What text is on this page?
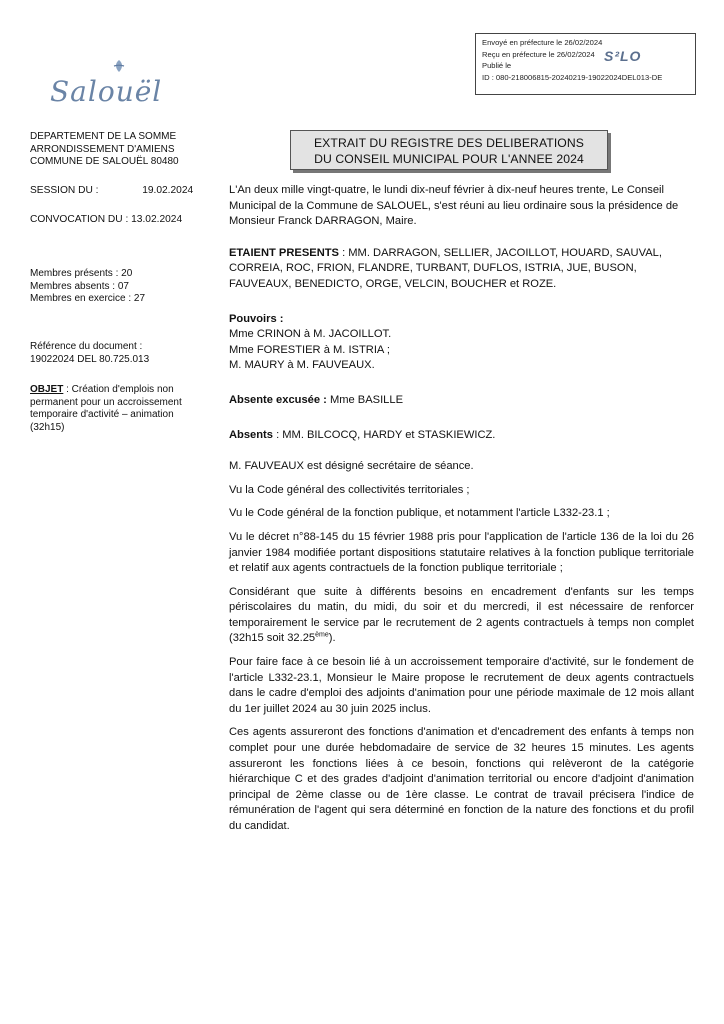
Envoyé en préfecture le 26/02/2024
Reçu en préfecture le 26/02/2024
Publié le
ID : 080-218006815-20240219-19022024DEL013-DE
S²LO
Salouël
EXTRAIT DU REGISTRE DES DELIBERATIONS
DU CONSEIL MUNICIPAL POUR L'ANNEE 2024
DEPARTEMENT DE LA SOMME
ARRONDISSEMENT D'AMIENS
COMMUNE DE SALOUËL 80480
SESSION DU :	19.02.2024
CONVOCATION DU : 13.02.2024
Membres présents : 20
Membres absents : 07
Membres en exercice : 27
Référence du document :
19022024 DEL 80.725.013
OBJET : Création d'emplois non permanent pour un accroissement temporaire d'activité – animation (32h15)

L'An deux mille vingt-quatre, le lundi dix-neuf février à dix-neuf heures trente, Le Conseil Municipal de la Commune de SALOUEL, s'est réuni au lieu ordinaire sous la présidence de Monsieur Franck DARRAGON, Maire.

ETAIENT PRESENTS : MM. DARRAGON, SELLIER, JACOILLOT, HOUARD, SAUVAL, CORREIA, ROC, FRION, FLANDRE, TURBANT, DUFLOS, ISTRIA, JUE, BUSON, FAUVEAUX, BENEDICTO, ORGE, VELCIN, BOUCHER et ROZE.

Pouvoirs :

Mme CRINON à M. JACOILLOT.

Mme FORESTIER à M. ISTRIA ;

M. MAURY à M. FAUVEAUX.

Absente excusée : Mme BASILLE

Absents : MM. BILCOCQ, HARDY et STASKIEWICZ.

M. FAUVEAUX est désigné secrétaire de séance.

Vu la Code général des collectivités territoriales ;

Vu le Code général de la fonction publique, et notamment l'article L332-23.1 ;

Vu le décret n°88-145 du 15 février 1988 pris pour l'application de l'article 136 de la loi du 26 janvier 1984 modifiée portant dispositions statutaire relatives à la fonction publique territoriale et relatif aux agents contractuels de la fonction publique territoriale ;

Considérant que suite à différents besoins en encadrement d'enfants sur les temps périscolaires du matin, du midi, du soir et du mercredi, il est nécessaire de renforcer temporairement le service par le recrutement de 2 agents contractuels à temps non complet (32h15 soit 32.25ème).

Pour faire face à ce besoin lié à un accroissement temporaire d'activité, sur le fondement de l'article L332-23.1, Monsieur le Maire propose le recrutement de deux agents contractuels dans le cadre d'emploi des adjoints d'animation pour une période maximale de 12 mois allant du 1er juillet 2024 au 30 juin 2025 inclus.

Ces agents assureront des fonctions d'animation et d'encadrement des enfants à temps non complet pour une durée hebdomadaire de service de 32 heures 15 minutes. Les agents assureront les fonctions liées à ce besoin, fonctions qui relèveront de la catégorie hiérarchique C et des grades d'adjoint d'animation territorial ou encore d'adjoint d'animation principal de 2ème classe ou de 1ère classe. Le contrat de travail précisera l'indice de rémunération de l'agent qui sera déterminé en fonction de la nature des fonctions et du profil du candidat.
